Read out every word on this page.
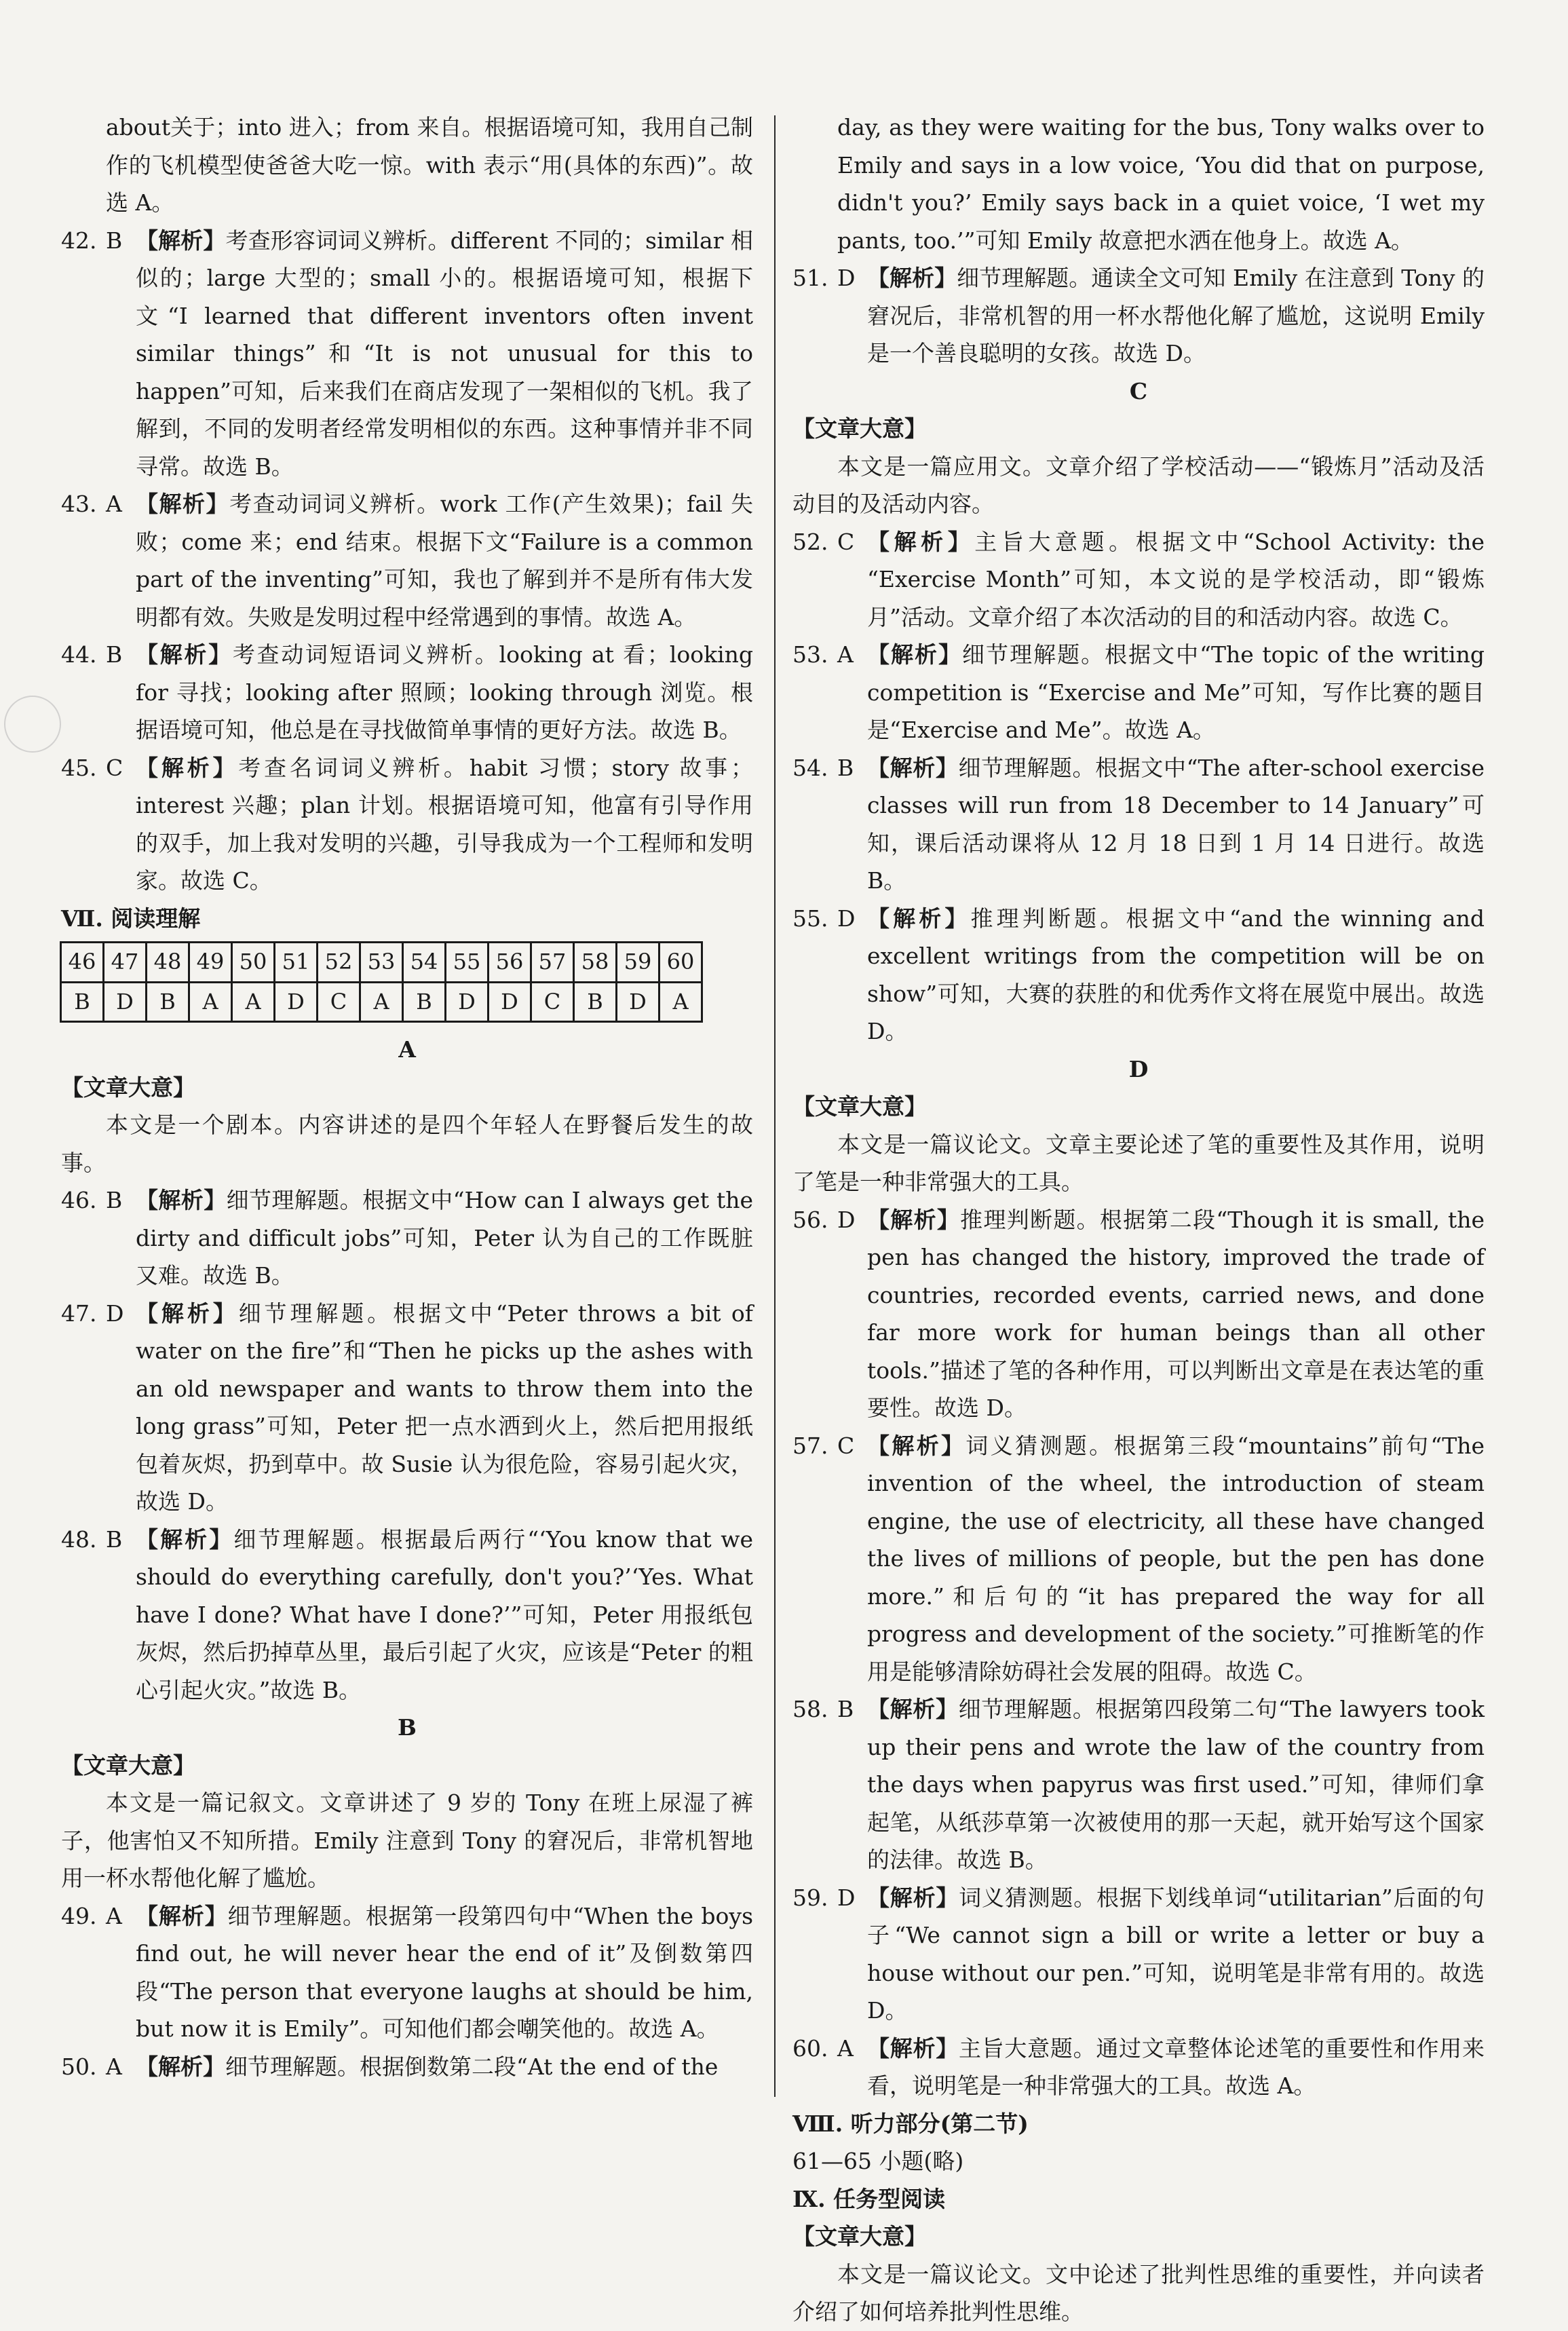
about关于；into 进入；from 来自。根据语境可知，我用自己制作的飞机模型使爸爸大吃一惊。with 表示“用(具体的东西)”。故选 A。

42. B 【解析】考查形容词词义辨析。different 不同的；similar 相似的；large 大型的；small 小的。根据语境可知，根据下文“I learned that different inventors often invent similar things”和“It is not unusual for this to happen”可知，后来我们在商店发现了一架相似的飞机。我了解到，不同的发明者经常发明相似的东西。这种事情并非不同寻常。故选 B。
43. A 【解析】考查动词词义辨析。work 工作(产生效果)；fail 失败；come 来；end 结束。根据下文“Failure is a common part of the inventing”可知，我也了解到并不是所有伟大发明都有效。失败是发明过程中经常遇到的事情。故选 A。
44. B 【解析】考查动词短语词义辨析。looking at 看；looking for 寻找；looking after 照顾；looking through 浏览。根据语境可知，他总是在寻找做简单事情的更好方法。故选 B。
45. C 【解析】考查名词词义辨析。habit 习惯；story 故事；interest 兴趣；plan 计划。根据语境可知，他富有引导作用的双手，加上我对发明的兴趣，引导我成为一个工程师和发明家。故选 C。

Ⅶ. 阅读理解

46	47	48	49	50	51	52	53	54	55	56	57	58	59	60
B	D	B	A	A	D	C	A	B	D	D	C	B	D	A

A

【文章大意】

本文是一个剧本。内容讲述的是四个年轻人在野餐后发生的故事。

46. B 【解析】细节理解题。根据文中“How can I always get the dirty and difficult jobs”可知，Peter 认为自己的工作既脏又难。故选 B。
47. D 【解析】细节理解题。根据文中“Peter throws a bit of water on the fire”和“Then he picks up the ashes with an old newspaper and wants to throw them into the long grass”可知，Peter 把一点水洒到火上，然后把用报纸包着灰烬，扔到草中。故 Susie 认为很危险，容易引起火灾，故选 D。
48. B 【解析】细节理解题。根据最后两行“‘You know that we should do everything carefully, don't you?’‘Yes. What have I done? What have I done?’”可知，Peter 用报纸包灰烬，然后扔掉草丛里，最后引起了火灾，应该是“Peter 的粗心引起火灾。”故选 B。

B

【文章大意】

本文是一篇记叙文。文章讲述了 9 岁的 Tony 在班上尿湿了裤子，他害怕又不知所措。Emily 注意到 Tony 的窘况后，非常机智地用一杯水帮他化解了尴尬。

49. A 【解析】细节理解题。根据第一段第四句中“When the boys find out, he will never hear the end of it”及倒数第四段“The person that everyone laughs at should be him, but now it is Emily”。可知他们都会嘲笑他的。故选 A。
50. A 【解析】细节理解题。根据倒数第二段“At the end of the

day, as they were waiting for the bus, Tony walks over to Emily and says in a low voice, ‘You did that on purpose, didn't you?’ Emily says back in a quiet voice, ‘I wet my pants, too.’”可知 Emily 故意把水洒在他身上。故选 A。

51. D 【解析】细节理解题。通读全文可知 Emily 在注意到 Tony 的窘况后，非常机智的用一杯水帮他化解了尴尬，这说明 Emily 是一个善良聪明的女孩。故选 D。

C

【文章大意】

本文是一篇应用文。文章介绍了学校活动——“锻炼月”活动及活动目的及活动内容。

52. C 【解析】主旨大意题。根据文中“School Activity: the “Exercise Month”可知，本文说的是学校活动，即“锻炼月”活动。文章介绍了本次活动的目的和活动内容。故选 C。
53. A 【解析】细节理解题。根据文中“The topic of the writing competition is “Exercise and Me”可知，写作比赛的题目是“Exercise and Me”。故选 A。
54. B 【解析】细节理解题。根据文中“The after-school exercise classes will run from 18 December to 14 January”可知，课后活动课将从 12 月 18 日到 1 月 14 日进行。故选 B。
55. D 【解析】推理判断题。根据文中“and the winning and excellent writings from the competition will be on show”可知，大赛的获胜的和优秀作文将在展览中展出。故选 D。

D

【文章大意】

本文是一篇议论文。文章主要论述了笔的重要性及其作用，说明了笔是一种非常强大的工具。

56. D 【解析】推理判断题。根据第二段“Though it is small, the pen has changed the history, improved the trade of countries, recorded events, carried news, and done far more work for human beings than all other tools.”描述了笔的各种作用，可以判断出文章是在表达笔的重要性。故选 D。
57. C 【解析】词义猜测题。根据第三段“mountains”前句“The invention of the wheel, the introduction of steam engine, the use of electricity, all these have changed the lives of millions of people, but the pen has done more.”和后句的“it has prepared the way for all progress and development of the society.”可推断笔的作用是能够清除妨碍社会发展的阻碍。故选 C。
58. B 【解析】细节理解题。根据第四段第二句“The lawyers took up their pens and wrote the law of the country from the days when papyrus was first used.”可知，律师们拿起笔，从纸莎草第一次被使用的那一天起，就开始写这个国家的法律。故选 B。
59. D 【解析】词义猜测题。根据下划线单词“utilitarian”后面的句子“We cannot sign a bill or write a letter or buy a house without our pen.”可知，说明笔是非常有用的。故选 D。
60. A 【解析】主旨大意题。通过文章整体论述笔的重要性和作用来看，说明笔是一种非常强大的工具。故选 A。

Ⅷ. 听力部分(第二节)

61—65 小题(略)

Ⅸ. 任务型阅读

【文章大意】

本文是一篇议论文。文中论述了批判性思维的重要性，并向读者介绍了如何培养批判性思维。
